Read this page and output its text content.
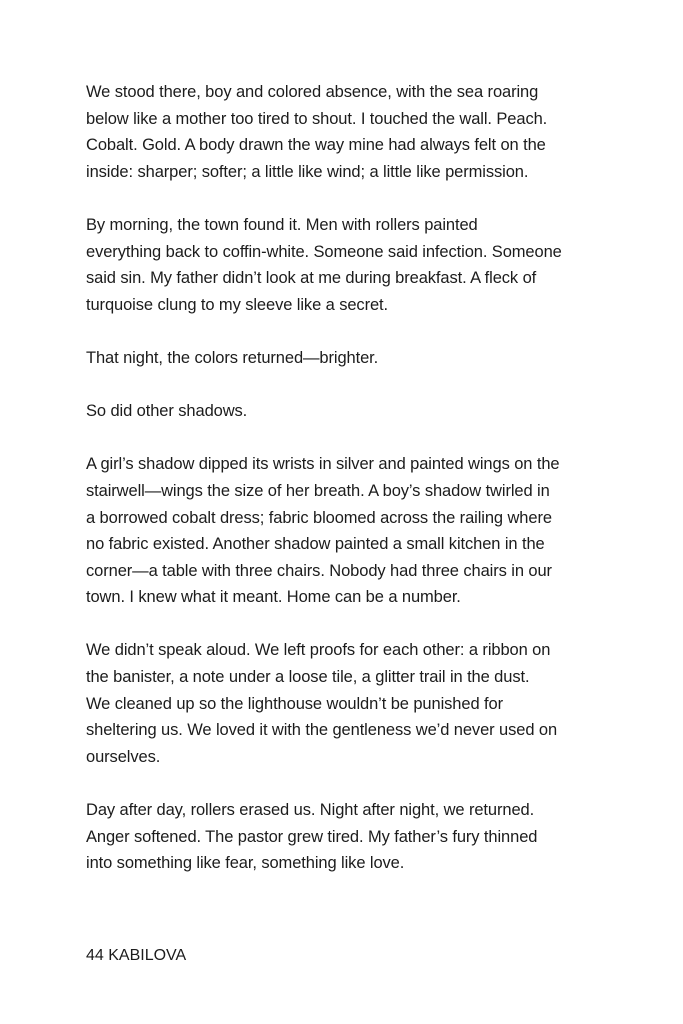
We stood there, boy and colored absence, with the sea roaring
below like a mother too tired to shout. I touched the wall. Peach.
Cobalt. Gold. A body drawn the way mine had always felt on the
inside: sharper; softer; a little like wind; a little like permission.

By morning, the town found it. Men with rollers painted
everything back to coffin-white. Someone said infection. Someone
said sin. My father didn’t look at me during breakfast. A fleck of
turquoise clung to my sleeve like a secret.

That night, the colors returned—brighter.

So did other shadows.

A girl’s shadow dipped its wrists in silver and painted wings on the
stairwell—wings the size of her breath. A boy’s shadow twirled in
a borrowed cobalt dress; fabric bloomed across the railing where
no fabric existed. Another shadow painted a small kitchen in the
corner—a table with three chairs. Nobody had three chairs in our
town. I knew what it meant. Home can be a number.

We didn’t speak aloud. We left proofs for each other: a ribbon on
the banister, a note under a loose tile, a glitter trail in the dust.
We cleaned up so the lighthouse wouldn’t be punished for
sheltering us. We loved it with the gentleness we’d never used on
ourselves.

Day after day, rollers erased us. Night after night, we returned.
Anger softened. The pastor grew tired. My father’s fury thinned
into something like fear, something like love.

44 KABILOVA
